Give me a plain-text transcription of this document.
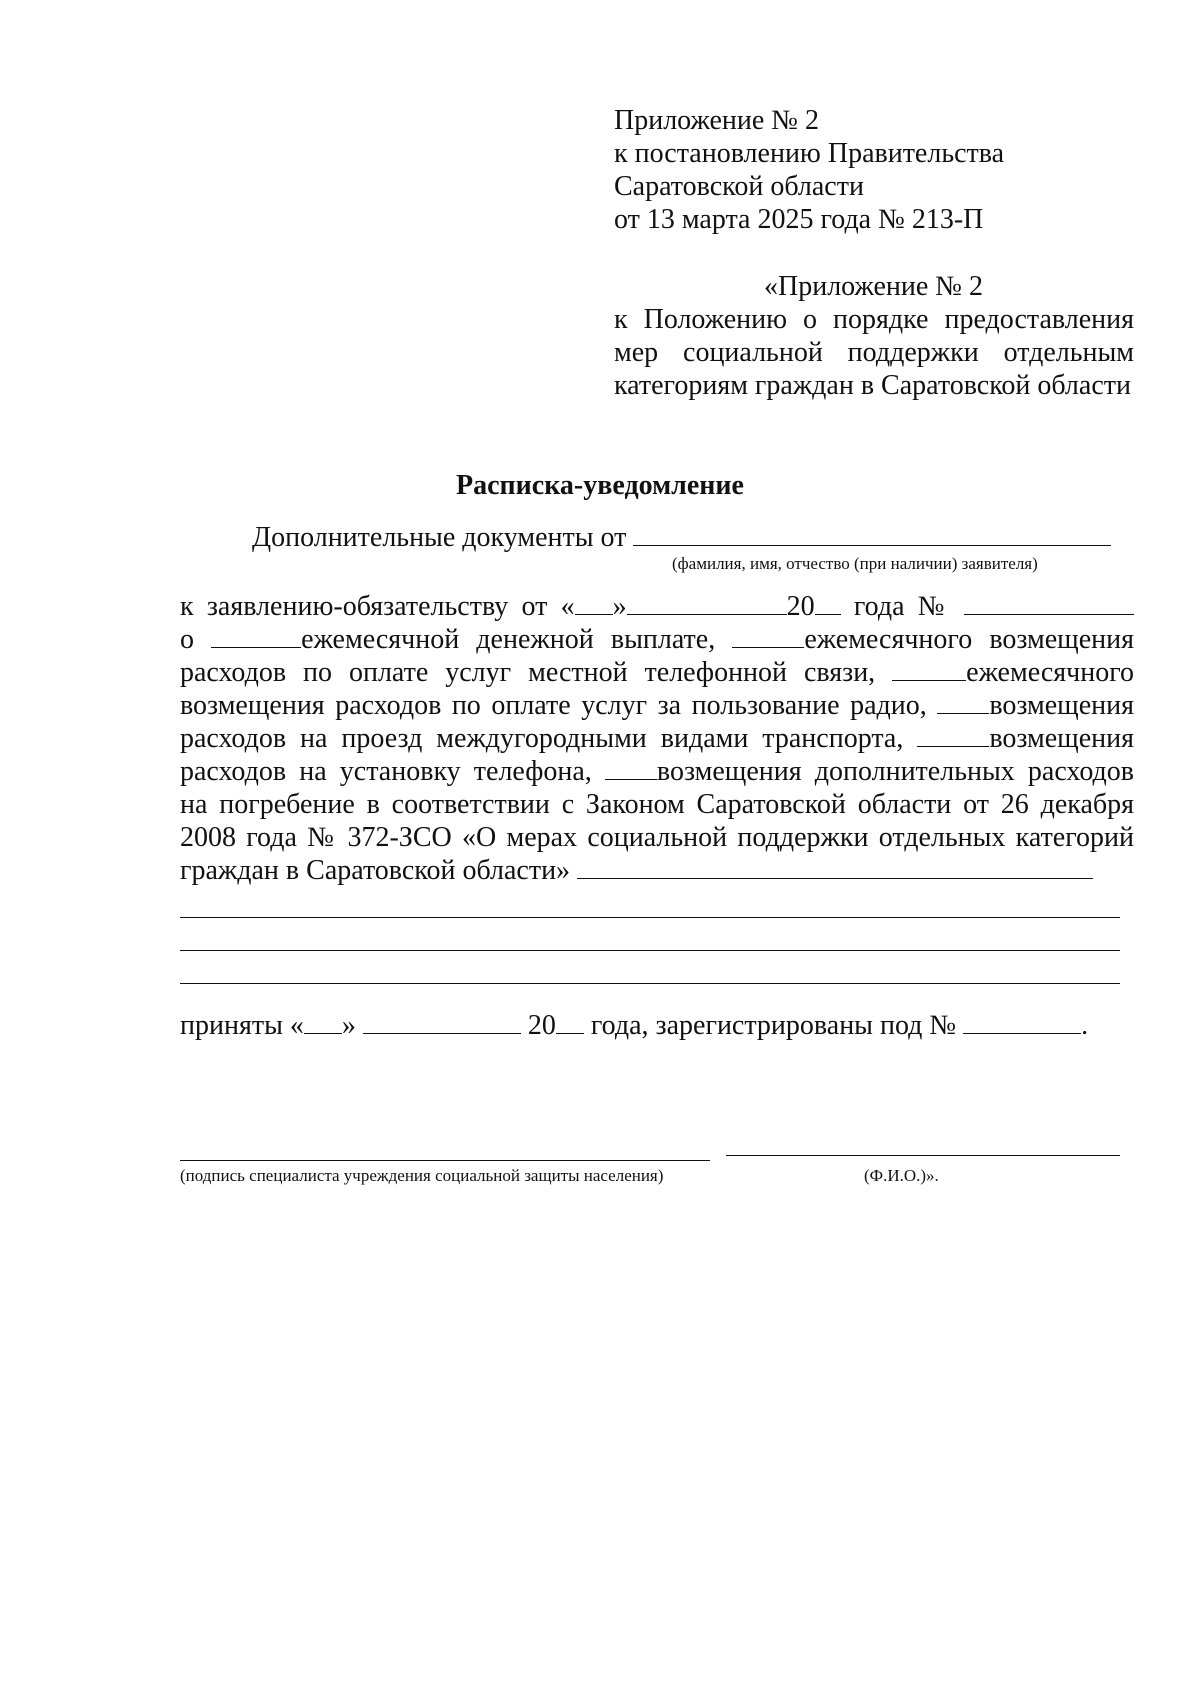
Приложение № 2
к постановлению Правительства
Саратовской области
от 13 марта 2025 года № 213-П
«Приложение № 2
к Положению о порядке предоставления
мер социальной поддержки отдельным
категориям граждан в Саратовской области
Расписка-уведомление
Дополнительные документы от
(фамилия, имя, отчество (при наличии) заявителя)
к заявлению-обязательству от « »	20 года №
о	ежемесячной денежной выплате,	ежемесячного возмещения
расходов по оплате услуг местной телефонной связи,	ежемесячного
возмещения расходов по оплате услуг за пользование радио, возмещения
расходов на проезд междугородными видами транспорта,	возмещения
расходов на установку телефона, возмещения дополнительных расходов
на погребение в соответствии с Законом Саратовской области от 26 декабря
2008 года № 372-ЗСО «О мерах социальной поддержки отдельных категорий
граждан в Саратовской области»
приняты « »	20 года, зарегистрированы под №	.
(подпись специалиста учреждения социальной защиты населения)	(Ф.И.О.)».
